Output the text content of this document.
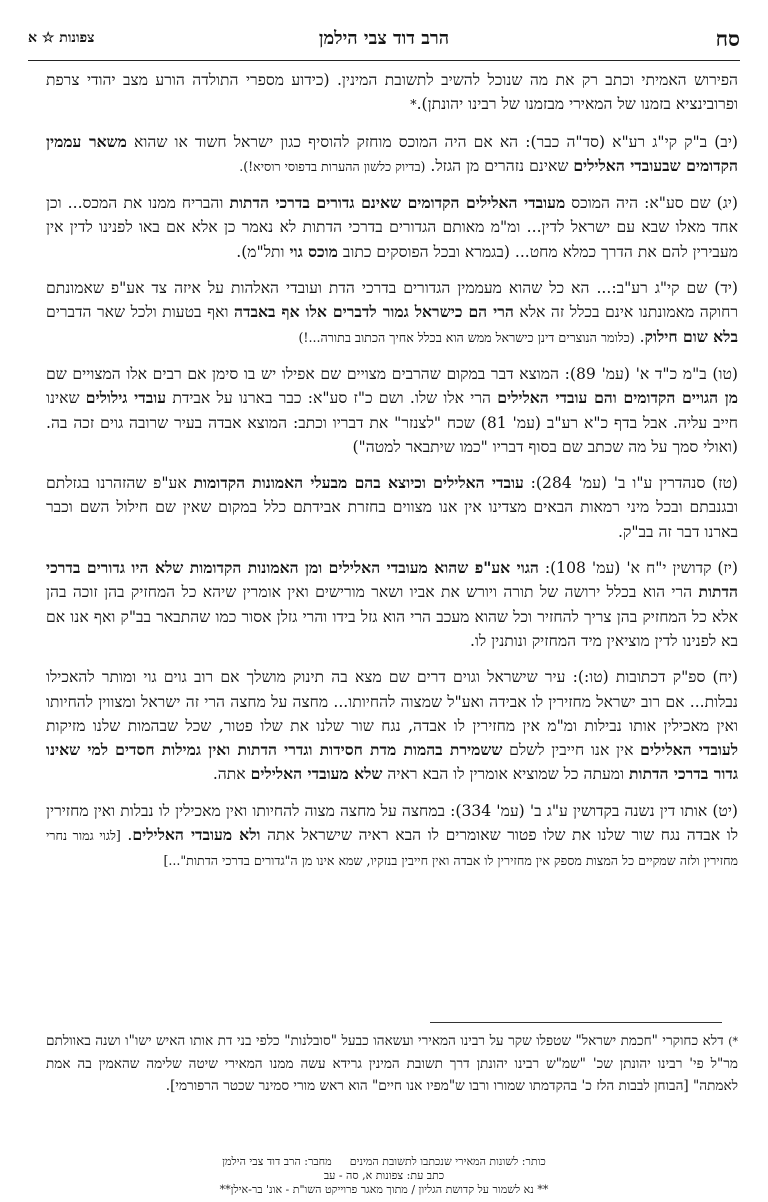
סח
הרב דוד צבי הילמן
צפונות ☆ א

הפירוש האמיתי וכתב רק את מה שנוכל להשיב לתשובת המינין. (כידוע מספרי התולדה הורע מצב יהודי צרפת ופרובינציא בזמנו של המאירי מבזמנו של רבינו יהונתן).*

(יב) ב"ק קי"ג רע"א (סד"ה כבר): הא אם היה המוכס מוחזק להוסיף כגון ישראל חשוד או שהוא משאר עממין הקדומים שבעובדי האלילים שאינם נזהרים מן הגזל. (בדיוק כלשון ההערות בדפוסי רוסיא!).

(יג) שם סע"א: היה המוכס מעובדי האלילים הקדומים שאינם גדורים בדרכי הדתות והבריח ממנו את המכס... וכן אחד מאלו שבא עם ישראל לדין... ומ"מ מאותם הגדורים בדרכי הדתות לא נאמר כן אלא אם באו לפנינו לדין אין מעבירין להם את הדרך כמלא מחט... (בגמרא ובכל הפוסקים כתוב מוכס גוי ותל"מ).

(יד) שם קי"ג רע"ב:... הא כל שהוא מעממין הגדורים בדרכי הדת ועובדי האלהות על איזה צד אע"פ שאמונתם רחוקה מאמונתנו אינם בכלל זה אלא הרי הם כישראל גמור לדברים אלו אף באבדה ואף בטעות ולכל שאר הדברים בלא שום חילוק. (כלומר הנוצרים דינן כישראל ממש הוא בכלל אחיך הכתוב בתורה...!)

(טו) ב"מ כ"ד א' (עמ' 89): המוצא דבר במקום שהרבים מצויים שם אפילו יש בו סימן אם רבים אלו המצויים שם מן הגויים הקדומים והם עובדי האלילים הרי אלו שלו. ושם כ"ז סע"א: כבר בארנו על אבידת עובדי גילולים שאינו חייב עליה. אבל בדף כ"א רע"ב (עמ' 81) שכח "לצנזר" את דבריו וכתב: המוצא אבדה בעיר שרובה גוים זכה בה. (ואולי סמך על מה שכתב שם בסוף דבריו "כמו שיתבאר למטה")

(טז) סנהדרין ע"ו ב' (עמ' 284): עובדי האלילים וכיוצא בהם מבעלי האמונות הקדומות אע"פ שהזהרנו בגזלתם ובגנבתם ובכל מיני רמאות הבאים מצדינו אין אנו מצווים בחזרת אבידתם כלל במקום שאין שם חילול השם וכבר בארנו דבר זה בב"ק.

(יז) קדושין י"ח א' (עמ' 108): הגוי אע"פ שהוא מעובדי האלילים ומן האמונות הקדומות שלא היו גדורים בדרכי הדתות הרי הוא בכלל ירושה של תורה ויורש את אביו ושאר מורישים ואין אומרין שיהא כל המחזיק בהן זוכה בהן אלא כל המחזיק בהן צריך להחזיר וכל שהוא מעכב הרי הוא גזל בידו והרי גזלן אסור כמו שהתבאר בב"ק ואף אנו אם בא לפנינו לדין מוציאין מיד המחזיק ונותנין לו.

(יח) ספ"ק דכתובות (טו:): עיר שישראל וגוים דרים שם מצא בה תינוק מושלך אם רוב גוים גוי ומותר להאכילו נבלות... אם רוב ישראל מחזירין לו אבידה ואע"ל שמצוה להחיותו... מחצה על מחצה הרי זה ישראל ומצווין להחיותו ואין מאכילין אותו נבילות ומ"מ אין מחזירין לו אבדה, נגח שור שלנו את שלו פטור, שכל שבהמות שלנו מזיקות לעובדי האלילים אין אנו חייבין לשלם ששמירת בהמות מדת חסידות וגדרי הדתות ואין גמילות חסדים למי שאינו גדור בדרכי הדתות ומעתה כל שמוציא אומרין לו הבא ראיה שלא מעובדי האלילים אתה.

(יט) אותו דין נשנה בקדושין ע"ג ב' (עמ' 334): במחצה על מחצה מצוה להחיותו ואין מאכילין לו נבלות ואין מחזירין לו אבדה נגח שור שלנו את שלו פטור שאומרים לו הבא ראיה שישראל אתה ולא מעובדי האלילים. [לגוי גמור נחרי מחזירין ולזה שמקיים כל המצות מספק אין מחזירין לו אבדה ואין חייבין בנזקיו, שמא אינו מן ה"גדורים בדרכי הדתות"...]

*) דלא כחוקרי "חכמת ישראל" שטפלו שקר על רבינו המאירי ועשאהו כבעל "סובלנות" כלפי בני דת אותו האיש ישו"ו ושנה באוולתם מר"ל פי' רבינו יהונתן שכ' "שמ"ש רבינו יהונתן דרך תשובת המינין גרידא עשה ממנו המאירי שיטה שלימה שהאמין בה אמת לאמתה" [הבוחן לבבות הלז כ' בהקדמתו שמורו ורבו ש"מפיו אנו חיים" הוא ראש מורי סמינר שכטר הרפורמי].
כותר: לשונות המאירי שנכתבו לתשובת המיניםמחבר: הרב דוד צבי הילמן
כתב עת: צפונות א, סה - עב
** נא לשמור על קדושת הגליון / מתוך מאגר פרוייקט השו"ת - אונ' בר-אילן**
